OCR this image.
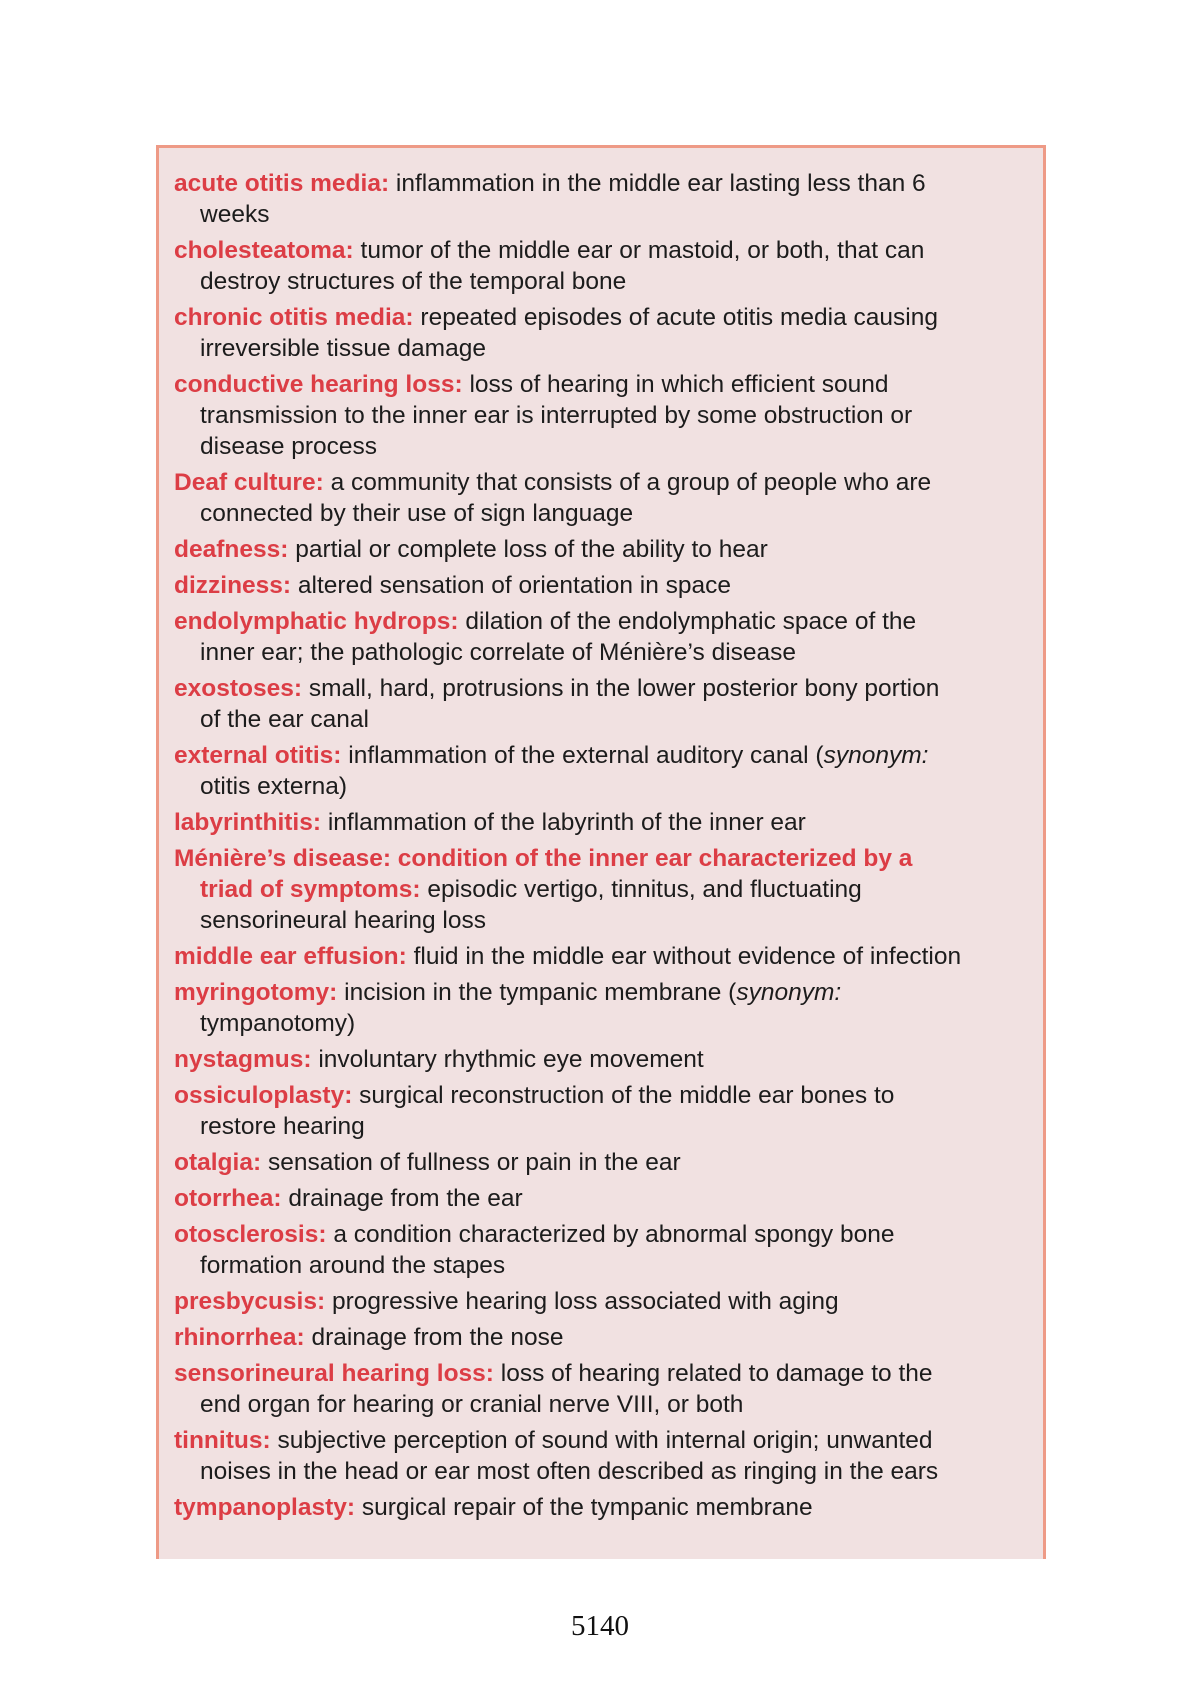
acute otitis media: inflammation in the middle ear lasting less than 6
weeks
cholesteatoma: tumor of the middle ear or mastoid, or both, that can
destroy structures of the temporal bone
chronic otitis media: repeated episodes of acute otitis media causing
irreversible tissue damage
conductive hearing loss: loss of hearing in which efficient sound
transmission to the inner ear is interrupted by some obstruction or
disease process
Deaf culture: a community that consists of a group of people who are
connected by their use of sign language
deafness: partial or complete loss of the ability to hear
dizziness: altered sensation of orientation in space
endolymphatic hydrops: dilation of the endolymphatic space of the
inner ear; the pathologic correlate of Ménière’s disease
exostoses: small, hard, protrusions in the lower posterior bony portion
of the ear canal
external otitis: inflammation of the external auditory canal (synonym:
otitis externa)
labyrinthitis: inflammation of the labyrinth of the inner ear
Ménière’s disease: condition of the inner ear characterized by a
triad of symptoms: episodic vertigo, tinnitus, and fluctuating
sensorineural hearing loss
middle ear effusion: fluid in the middle ear without evidence of infection
myringotomy: incision in the tympanic membrane (synonym:
tympanotomy)
nystagmus: involuntary rhythmic eye movement
ossiculoplasty: surgical reconstruction of the middle ear bones to
restore hearing
otalgia: sensation of fullness or pain in the ear
otorrhea: drainage from the ear
otosclerosis: a condition characterized by abnormal spongy bone
formation around the stapes
presbycusis: progressive hearing loss associated with aging
rhinorrhea: drainage from the nose
sensorineural hearing loss: loss of hearing related to damage to the
end organ for hearing or cranial nerve VIII, or both
tinnitus: subjective perception of sound with internal origin; unwanted
noises in the head or ear most often described as ringing in the ears
tympanoplasty: surgical repair of the tympanic membrane
5140
